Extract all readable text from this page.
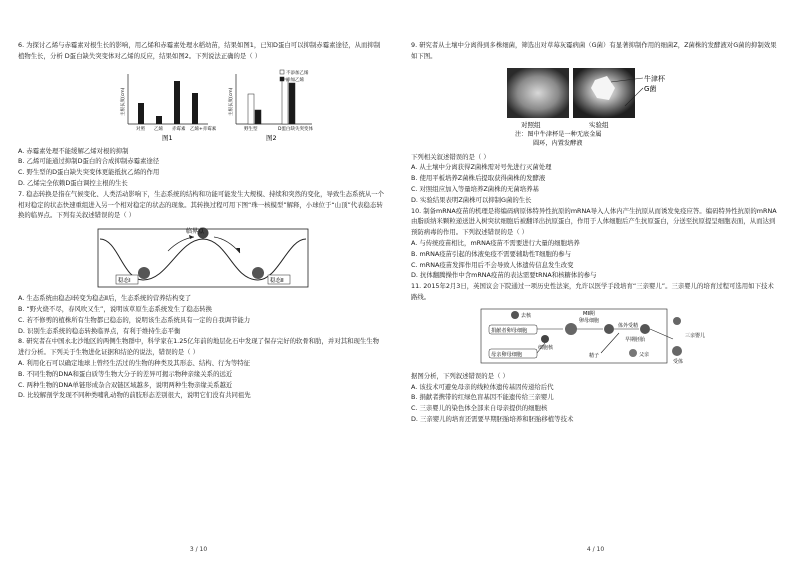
6. 为探讨乙烯与赤霉素对根生长的影响，用乙烯和赤霉素处理水稻幼苗，结果如图1，已知D蛋白可以抑制赤霉素途径，从而抑制植物生长，分析 D蛋白缺失突变体对乙烯的反应，结果如图2。下列说法正确的是（ ）
主根长度(cm)
对照 乙烯 赤霉素 乙烯+赤霉素
图1
主根长度(cm)
野生型	D蛋白缺失突变体
不添加乙烯
添加乙烯
图2
A. 赤霉素处理不能缓解乙烯对根的抑制
B. 乙烯可能通过抑制D蛋白的合成抑制赤霉素途径
C. 野生型的D蛋白缺失突变体更能抵抗乙烯的作用
D. 乙烯完全依赖D蛋白调控主根的生长
7. 稳态转换是指在气候变化、人类活动影响下，生态系统的结构和功能可能发生大规模、持续和突然的变化，导致生态系统从一个相对稳定的状态快速重组进入另一个相对稳定的状态的现象。其转换过程可用下图“珠一核模型”解释，小球位于“山顶”代表稳态转换的临界点。下列有关叙述错误的是（ ）
临界点
稳态Ⅰ	稳态Ⅱ
A. 生态系统由稳态Ⅰ转变为稳态Ⅱ后，生态系统的营养结构变了
B. “野火烧不尽，春风吹又生”，说明该草原生态系统发生了稳态转换
C. 若不修剪的植株所有生物都已稳态的，说明该生态系统具有一定的自我调节能力
D. 识别生态系统的稳态转换临界点，有利于维持生态平衡
8. 研究者在中国永北沙地区的两侧生物群中，科学家在1.25亿年前的地层化石中发现了保存完好的软骨和肋，并对其和现生生物进行分析。下列关于生物进化证据和结论的说法，错误的是（ ）
A. 利用化石可以确定地球上曾经生活过的生物的种类及其形态、结构、行为等特征
B. 不同生物的DNA和蛋白质等生物大分子的差异可揭示物种亲缘关系的远近
C. 两种生物的DNA单链形成杂合双链区域越多，说明两种生物亲缘关系越近
D. 比较解剖学发现不同种类哺乳动物的前肢形态差别很大，说明它们没有共同祖先
3 / 10
9. 研究者从土壤中分离得到多株细菌，筛选出对草莓灰霉病菌（G菌）有显著抑制作用的细菌Z，Z菌株的发酵液对G菌的抑制效果如下图。
牛津杯
G菌
对照组	实验组
注：图中牛津杯是一种无底金属
圆环，内置发酵液
下列相关叙述错误的是（ ）
A. 从土壤中分离获得Z菌株需对号先进行灭菌处理
B. 使用平板培养Z菌株后提取获得菌株的发酵液
C. 对照组应加入等量培养Z菌株的无菌培养基
D. 实验结果表明Z菌株可以抑制G菌的生长
10. 制备mRNA疫苗的机理是将编码病原体特异性抗原的mRNA导入人体内产生抗原从而诱发免疫应答。编码特异性抗原的mRNA由脂质纳米颗粒递送进入树突状细胞后被翻译出抗原蛋白，作用于人体细胞后产生抗原蛋白，分送至抗原提呈细胞表面，从而达到预防病毒的作用。下列叙述错误的是（ ）
A. 与传统疫苗相比，mRNA疫苗不需要进行大量的细胞培养
B. mRNA疫苗引起的体液免疫不需要辅助性T细胞的参与
C. mRNA疫苗发挥作用后不会导致人体遗传信息发生改变
D. 抗体翻腾操作中含mRNA疫苗的表达需要tRNA和核糖体的参与
11. 2015年2月3日，英国议会下院通过一项历史性法案，允许以医学手段培育“三亲婴儿”。三亲婴儿的培育过程可选用如下技术路线。
捐献者卵母细胞
母亲卵母细胞
去核
细胞核
MⅡ期
卵母细胞
体外受精
早期胚胎
精子	父亲
受体
三亲婴儿
据图分析，下列叙述错误的是（ ）
A. 该技术可避免母亲的线粒体遗传基因传递给后代
B. 捐献者携带的红绿色盲基因不能遗传给三亲婴儿
C. 三亲婴儿的染色体全部来自母亲提供的细胞核
D. 三亲婴儿的培育还需要早期胚胎培养和胚胎移植等技术
4 / 10
